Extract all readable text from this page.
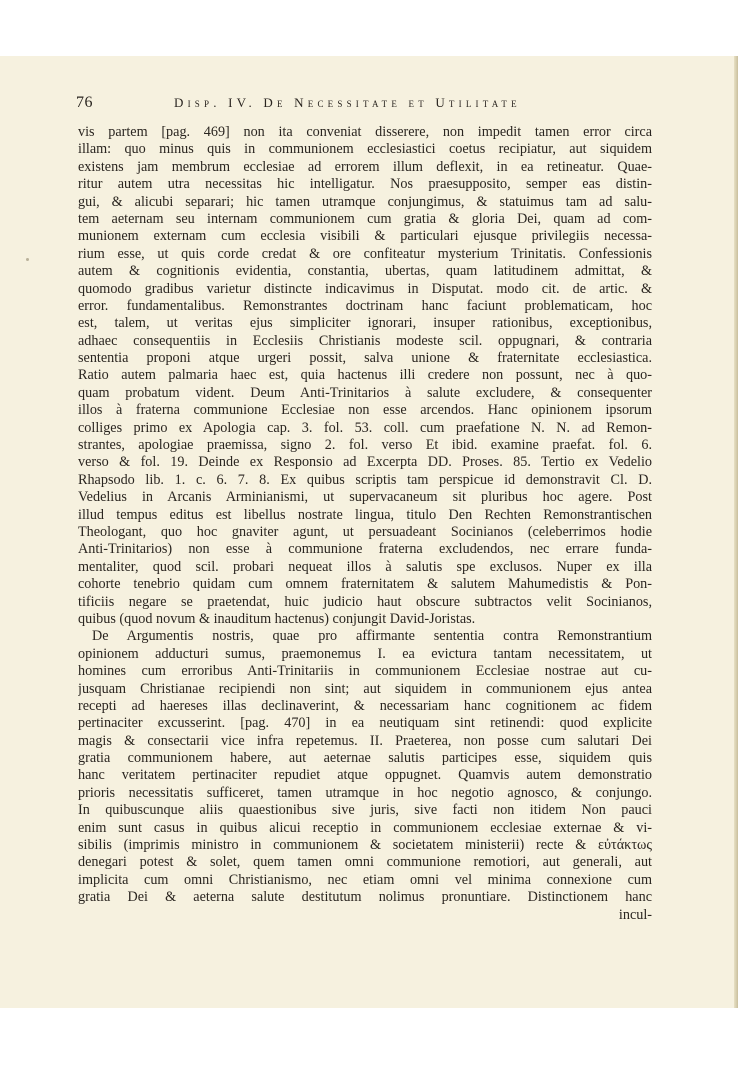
76	Disp. IV. De Necessitate et Utilitate
vis partem [pag. 469] non ita conveniat disserere, non impedit tamen error circa
illam: quo minus quis in communionem ecclesiastici coetus recipiatur, aut siquidem
existens jam membrum ecclesiae ad errorem illum deflexit, in ea retineatur. Quae-
ritur autem utra necessitas hic intelligatur. Nos praesupposito, semper eas distin-
gui, & alicubi separari; hic tamen utramque conjungimus, & statuimus tam ad salu-
tem aeternam seu internam communionem cum gratia & gloria Dei, quam ad com-
munionem externam cum ecclesia visibili & particulari ejusque privilegiis necessa-
rium esse, ut quis corde credat & ore confiteatur mysterium Trinitatis. Confessionis
autem & cognitionis evidentia, constantia, ubertas, quam latitudinem admittat, &
quomodo gradibus varietur distincte indicavimus in Disputat. modo cit. de artic. &
error. fundamentalibus. Remonstrantes doctrinam hanc faciunt problematicam, hoc
est, talem, ut veritas ejus simpliciter ignorari, insuper rationibus, exceptionibus,
adhaec consequentiis in Ecclesiis Christianis modeste scil. oppugnari, & contraria
sententia proponi atque urgeri possit, salva unione & fraternitate ecclesiastica.
Ratio autem palmaria haec est, quia hactenus illi credere non possunt, nec à quo-
quam probatum vident. Deum Anti-Trinitarios à salute excludere, & consequenter
illos à fraterna communione Ecclesiae non esse arcendos. Hanc opinionem ipsorum
colliges primo ex Apologia cap. 3. fol. 53. coll. cum praefatione N. N. ad Remon-
strantes, apologiae praemissa, signo 2. fol. verso Et ibid. examine praefat. fol. 6.
verso & fol. 19. Deinde ex Responsio ad Excerpta DD. Proses. 85. Tertio ex Vedelio
Rhapsodo lib. 1. c. 6. 7. 8. Ex quibus scriptis tam perspicue id demonstravit Cl. D.
Vedelius in Arcanis Arminianismi, ut supervacaneum sit pluribus hoc agere. Post
illud tempus editus est libellus nostrate lingua, titulo Den Rechten Remonstrantischen
Theologant, quo hoc gnaviter agunt, ut persuadeant Socinianos (celeberrimos hodie
Anti-Trinitarios) non esse à communione fraterna excludendos, nec errare funda-
mentaliter, quod scil. probari nequeat illos à salutis spe exclusos. Nuper ex illa
cohorte tenebrio quidam cum omnem fraternitatem & salutem Mahumedistis & Pon-
tificiis negare se praetendat, huic judicio haut obscure subtractos velit Socinianos,
quibus (quod novum & inauditum hactenus) conjungit David-Joristas.
De Argumentis nostris, quae pro affirmante sententia contra Remonstrantium
opinionem adducturi sumus, praemonemus I. ea evictura tantam necessitatem, ut
homines cum erroribus Anti-Trinitariis in communionem Ecclesiae nostrae aut cu-
jusquam Christianae recipiendi non sint; aut siquidem in communionem ejus antea
recepti ad haereses illas declinaverint, & necessariam hanc cognitionem ac fidem
pertinaciter excusserint. [pag. 470] in ea neutiquam sint retinendi: quod explicite
magis & consectarii vice infra repetemus. II. Praeterea, non posse cum salutari Dei
gratia communionem habere, aut aeternae salutis participes esse, siquidem quis
hanc veritatem pertinaciter repudiet atque oppugnet. Quamvis autem demonstratio
prioris necessitatis sufficeret, tamen utramque in hoc negotio agnosco, & conjungo.
In quibuscunque aliis quaestionibus sive juris, sive facti non itidem Non pauci
enim sunt casus in quibus alicui receptio in communionem ecclesiae externae & vi-
sibilis (imprimis ministro in communionem & societatem ministerii) recte & εὐτάκτως
denegari potest & solet, quem tamen omni communione remotiori, aut generali, aut
implicita cum omni Christianismo, nec etiam omni vel minima connexione cum
gratia Dei & aeterna salute destitutum nolimus pronuntiare. Distinctionem hanc
incul-
